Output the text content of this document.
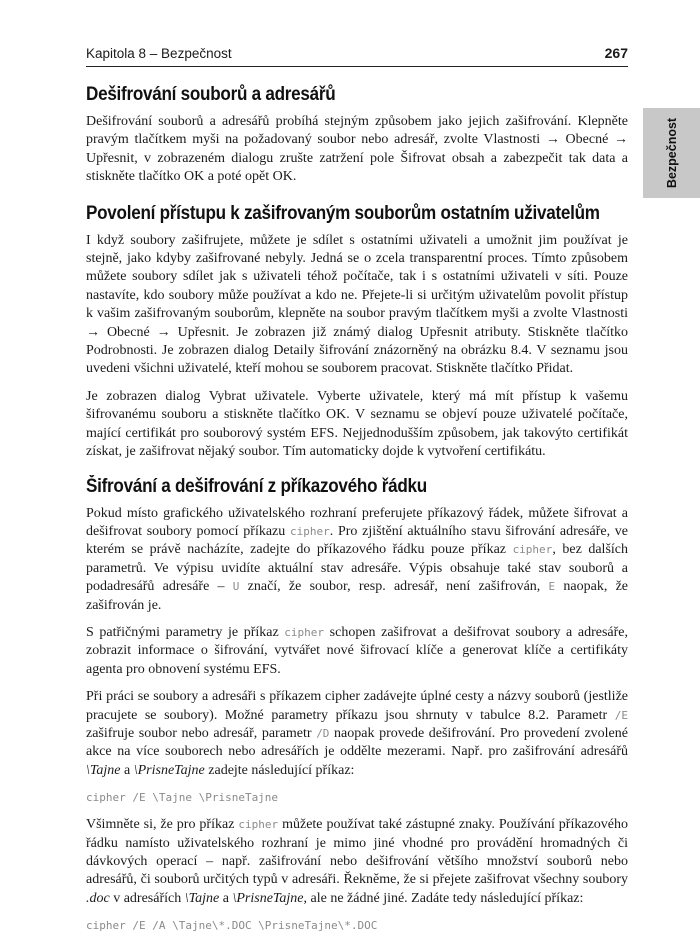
Kapitola 8 – Bezpečnost	267
Bezpečnost
Dešifrování souborů a adresářů

Dešifrování souborů a adresářů probíhá stejným způsobem jako jejich zašifrování. Klepněte pravým tlačítkem myši na požadovaný soubor nebo adresář, zvolte Vlastnosti → Obecné → Upřesnit, v zobrazeném dialogu zrušte zatržení pole Šifrovat obsah a zabezpečit tak data a stiskněte tlačítko OK a poté opět OK.

Povolení přístupu k zašifrovaným souborům ostatním uživatelům

I když soubory zašifrujete, můžete je sdílet s ostatními uživateli a umožnit jim používat je stejně, jako kdyby zašifrované nebyly. Jedná se o zcela transparentní proces. Tímto způsobem můžete soubory sdílet jak s uživateli téhož počítače, tak i s ostatními uživateli v síti. Pouze nastavíte, kdo soubory může používat a kdo ne. Přejete-li si určitým uživatelům povolit přístup k vašim zašifrovaným souborům, klepněte na soubor pravým tlačítkem myši a zvolte Vlastnosti → Obecné → Upřesnit. Je zobrazen již známý dialog Upřesnit atributy. Stiskněte tlačítko Podrobnosti. Je zobrazen dialog Detaily šifrování znázorněný na obrázku 8.4. V seznamu jsou uvedeni všichni uživatelé, kteří mohou se souborem pracovat. Stiskněte tlačítko Přidat.

Je zobrazen dialog Vybrat uživatele. Vyberte uživatele, který má mít přístup k vašemu šifrovanému souboru a stiskněte tlačítko OK. V seznamu se objeví pouze uživatelé počítače, mající certifikát pro souborový systém EFS. Nejjednodušším způsobem, jak takovýto certifikát získat, je zašifrovat nějaký soubor. Tím automaticky dojde k vytvoření certifikátu.

Šifrování a dešifrování z příkazového řádku

Pokud místo grafického uživatelského rozhraní preferujete příkazový řádek, můžete šifrovat a dešifrovat soubory pomocí příkazu cipher. Pro zjištění aktuálního stavu šifrování adresáře, ve kterém se právě nacházíte, zadejte do příkazového řádku pouze příkaz cipher, bez dalších parametrů. Ve výpisu uvidíte aktuální stav adresáře. Výpis obsahuje také stav souborů a podadresářů adresáře – U značí, že soubor, resp. adresář, není zašifrován, E naopak, že zašifrován je.

S patřičnými parametry je příkaz cipher schopen zašifrovat a dešifrovat soubory a adresáře, zobrazit informace o šifrování, vytvářet nové šifrovací klíče a generovat klíče a certifikáty agenta pro obnovení systému EFS.

Při práci se soubory a adresáři s příkazem cipher zadávejte úplné cesty a názvy souborů (jestliže pracujete se soubory). Možné parametry příkazu jsou shrnuty v tabulce 8.2. Parametr /E zašifruje soubor nebo adresář, parametr /D naopak provede dešifrování. Pro provedení zvolené akce na více souborech nebo adresářích je oddělte mezerami. Např. pro zašifrování adresářů \Tajne a \PrisneTajne zadejte následující příkaz:

cipher /E \Tajne \PrisneTajne

Všimněte si, že pro příkaz cipher můžete používat také zástupné znaky. Používání příkazového řádku namísto uživatelského rozhraní je mimo jiné vhodné pro provádění hromadných či dávkových operací – např. zašifrování nebo dešifrování většího množství souborů nebo adresářů, či souborů určitých typů v adresáři. Řekněme, že si přejete zašifrovat všechny soubory .doc v adresářích \Tajne a \PrisneTajne, ale ne žádné jiné. Zadáte tedy následující příkaz:

cipher /E /A \Tajne\*.DOC \PrisneTajne\*.DOC
